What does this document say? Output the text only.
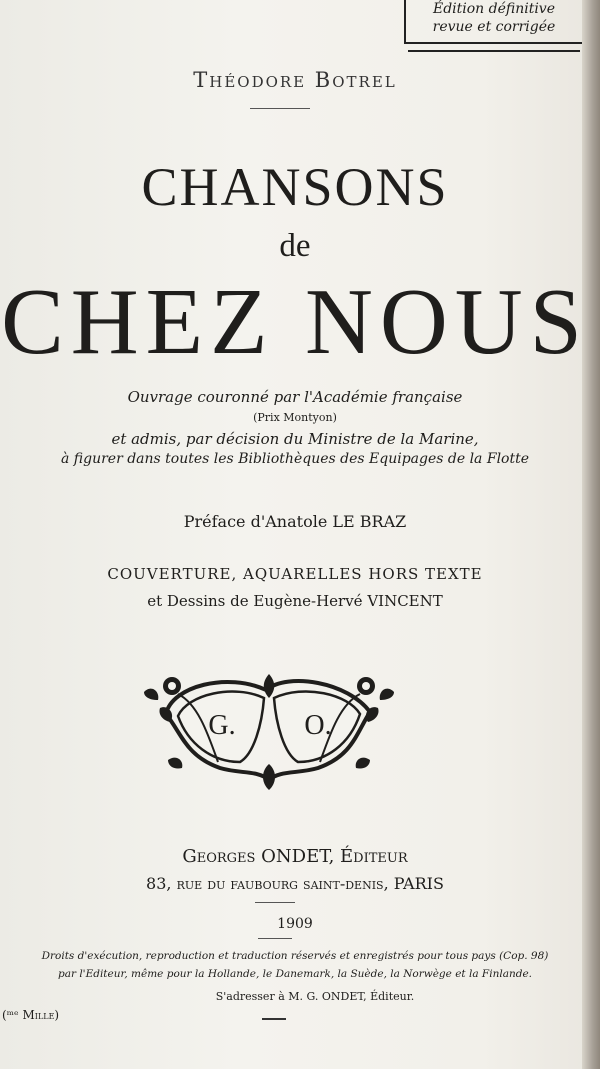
Édition définitive
revue et corrigée
Théodore Botrel
CHANSONS
de
CHEZ NOUS
Ouvrage couronné par l'Académie française
(Prix Montyon)
et admis, par décision du Ministre de la Marine,
à figurer dans toutes les Bibliothèques des Equipages de la Flotte
Préface d'Anatole LE BRAZ
COUVERTURE, AQUARELLES HORS TEXTE
et Dessins de Eugène-Hervé VINCENT
G. O.
Georges ONDET, Éditeur
83, rue du faubourg saint-denis, PARIS
1909
Droits d'exécution, reproduction et traduction réservés et enregistrés pour tous pays (Cop. 98)
par l'Editeur, même pour la Hollande, le Danemark, la Suède, la Norwège et la Finlande.
S'adresser à M. G. ONDET, Éditeur.
(ᵐᵉ Mille)
